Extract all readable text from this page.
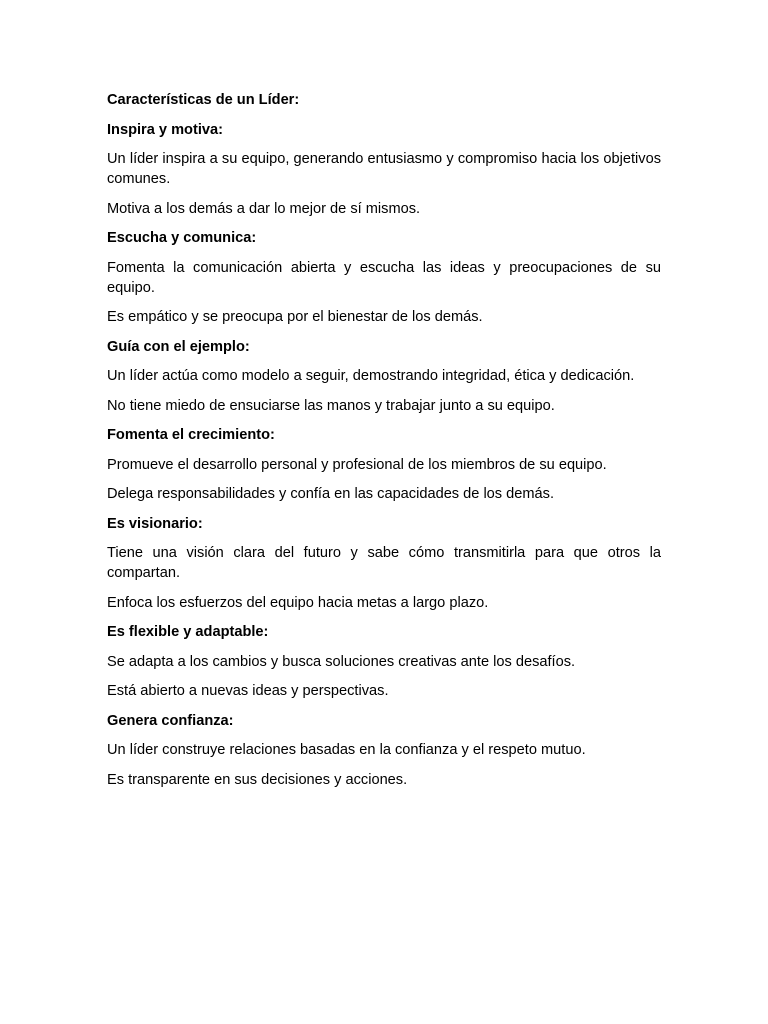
Características de un Líder:

Inspira y motiva:

Un líder inspira a su equipo, generando entusiasmo y compromiso hacia los objetivos comunes.

Motiva a los demás a dar lo mejor de sí mismos.

Escucha y comunica:

Fomenta la comunicación abierta y escucha las ideas y preocupaciones de su equipo.

Es empático y se preocupa por el bienestar de los demás.

Guía con el ejemplo:

Un líder actúa como modelo a seguir, demostrando integridad, ética y dedicación.

No tiene miedo de ensuciarse las manos y trabajar junto a su equipo.

Fomenta el crecimiento:

Promueve el desarrollo personal y profesional de los miembros de su equipo.

Delega responsabilidades y confía en las capacidades de los demás.

Es visionario:

Tiene una visión clara del futuro y sabe cómo transmitirla para que otros la compartan.

Enfoca los esfuerzos del equipo hacia metas a largo plazo.

Es flexible y adaptable:

Se adapta a los cambios y busca soluciones creativas ante los desafíos.

Está abierto a nuevas ideas y perspectivas.

Genera confianza:

Un líder construye relaciones basadas en la confianza y el respeto mutuo.

Es transparente en sus decisiones y acciones.
